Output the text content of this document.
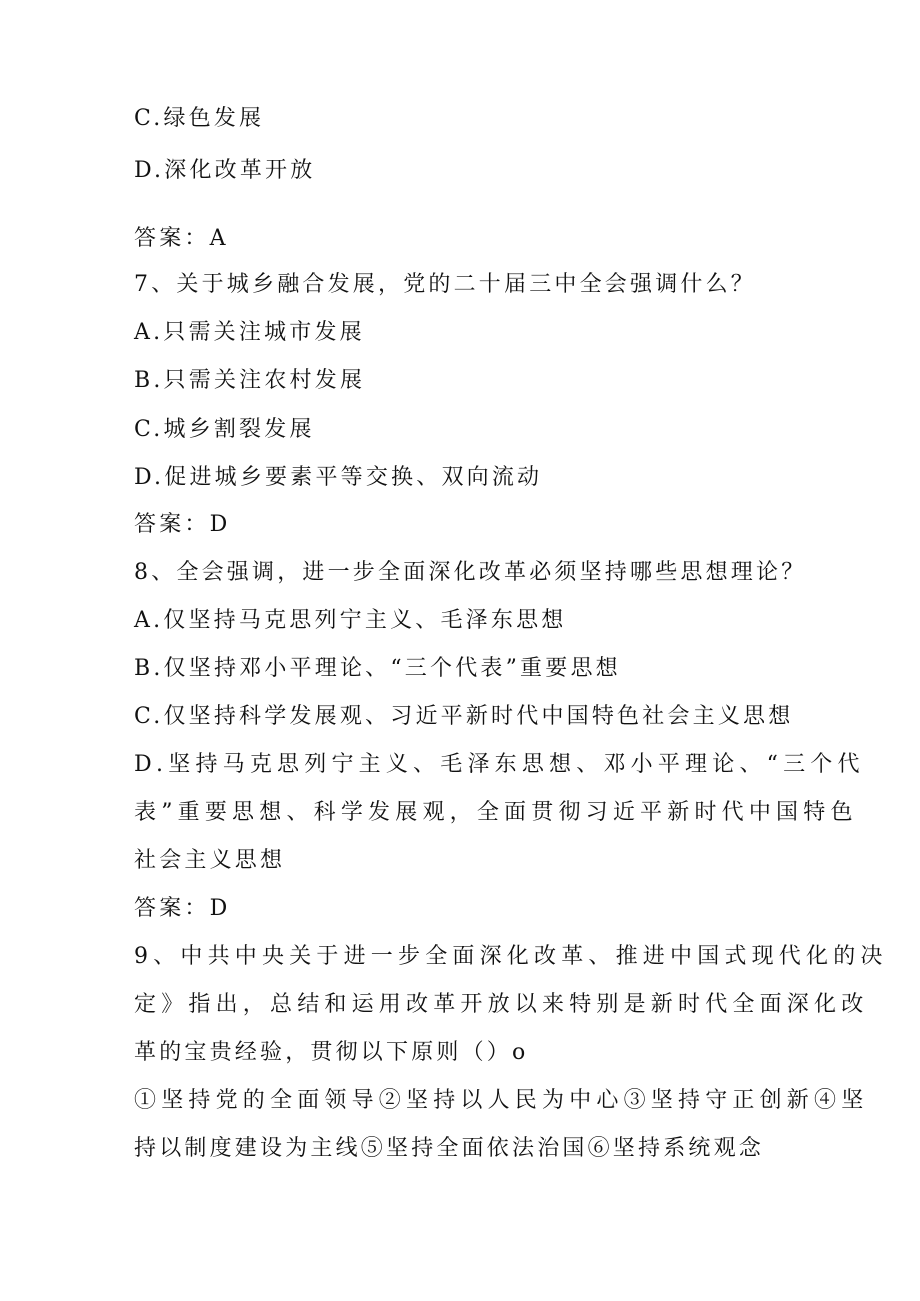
C.绿色发展
D.深化改革开放
答案：A
7、关于城乡融合发展，党的二十届三中全会强调什么？
A.只需关注城市发展
B.只需关注农村发展
C.城乡割裂发展
D.促进城乡要素平等交换、双向流动
答案：D
8、全会强调，进一步全面深化改革必须坚持哪些思想理论？
A.仅坚持马克思列宁主义、毛泽东思想
B.仅坚持邓小平理论、“三个代表”重要思想
C.仅坚持科学发展观、习近平新时代中国特色社会主义思想
D.坚持马克思列宁主义、毛泽东思想、邓小平理论、“三个代
表”重要思想、科学发展观，全面贯彻习近平新时代中国特色
社会主义思想
答案：D
9、中共中央关于进一步全面深化改革、推进中国式现代化的决
定》指出，总结和运用改革开放以来特别是新时代全面深化改
革的宝贵经验，贯彻以下原则（）o
①坚持党的全面领导②坚持以人民为中心③坚持守正创新④坚
持以制度建设为主线⑤坚持全面依法治国⑥坚持系统观念
